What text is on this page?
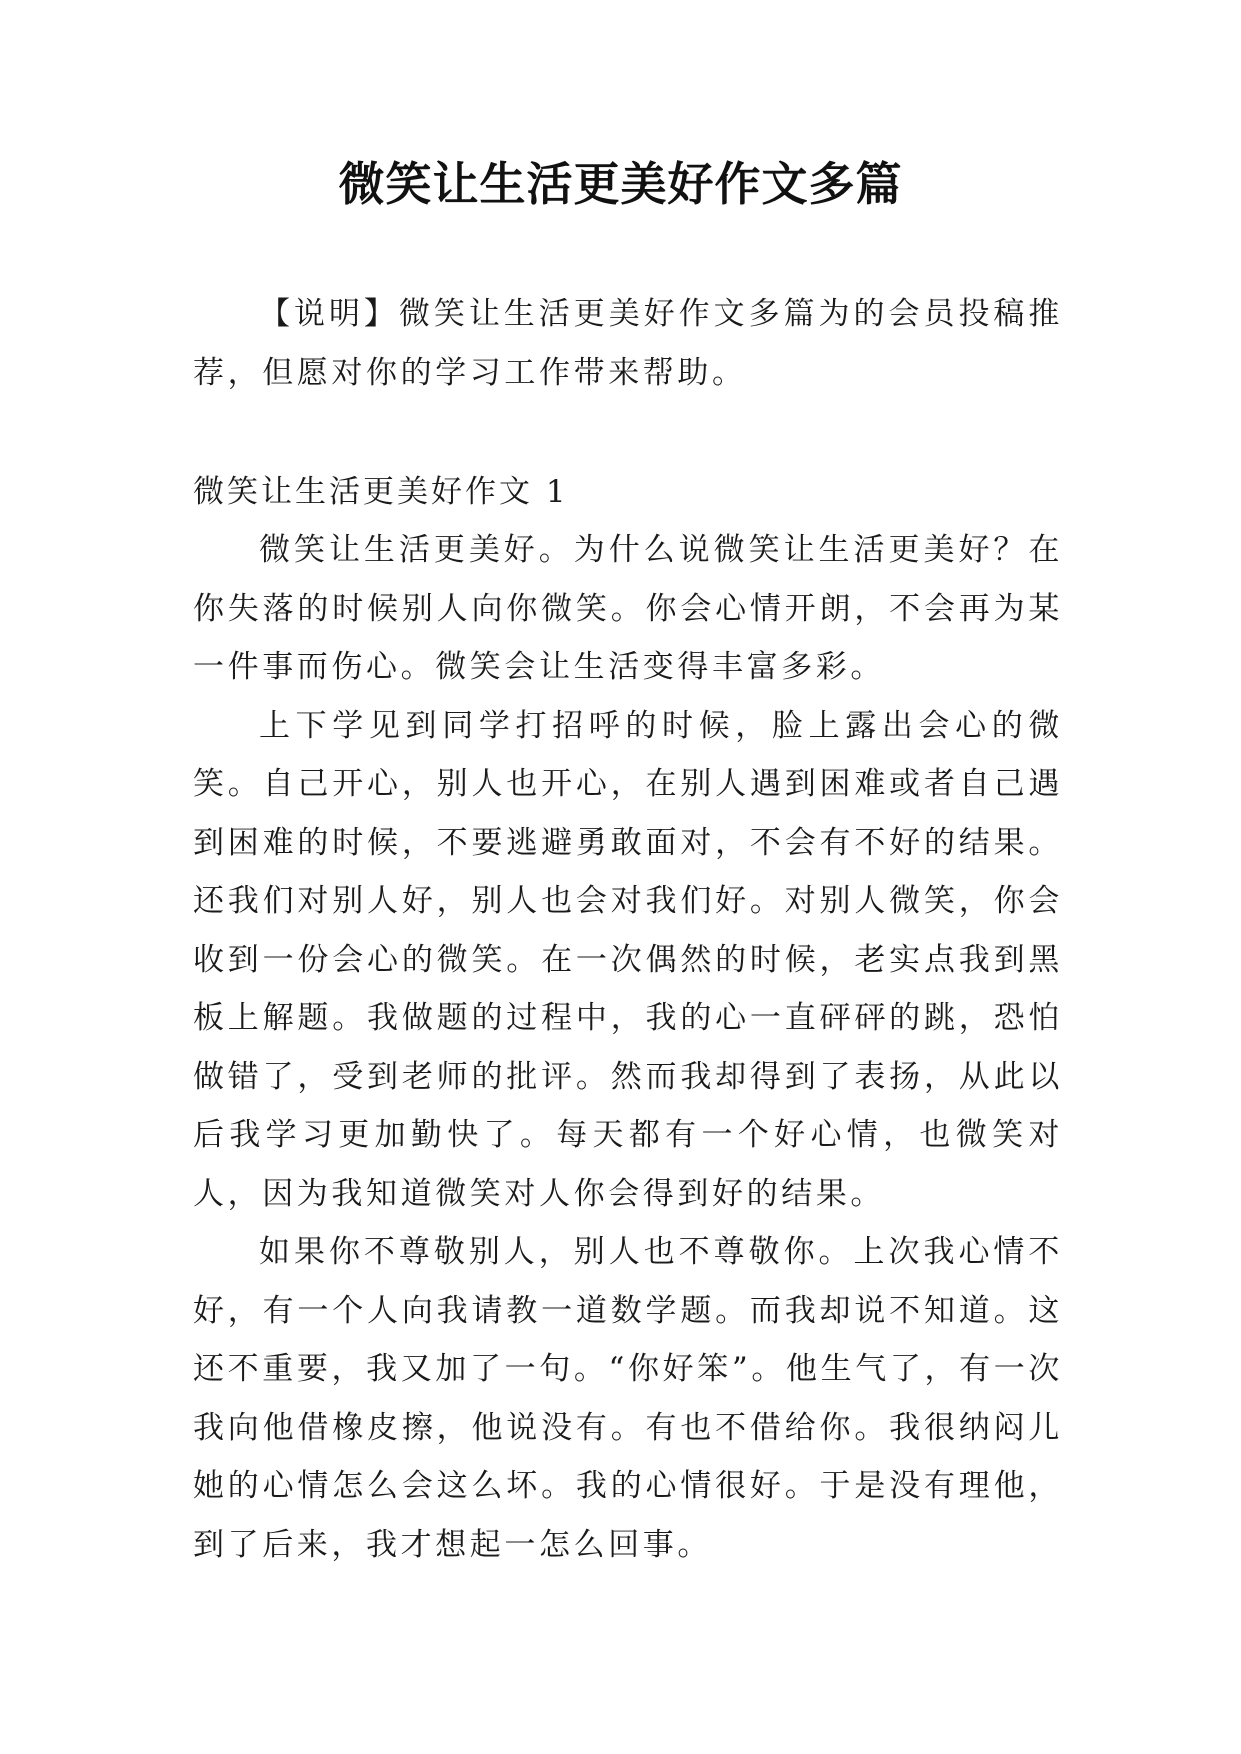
微笑让生活更美好作文多篇

【说明】微笑让生活更美好作文多篇为的会员投稿推荐，但愿对你的学习工作带来帮助。

微笑让生活更美好作文 1

微笑让生活更美好。为什么说微笑让生活更美好？在你失落的时候别人向你微笑。你会心情开朗，不会再为某一件事而伤心。微笑会让生活变得丰富多彩。

上下学见到同学打招呼的时候，脸上露出会心的微笑。自己开心，别人也开心，在别人遇到困难或者自己遇到困难的时候，不要逃避勇敢面对，不会有不好的结果。还我们对别人好，别人也会对我们好。对别人微笑，你会收到一份会心的微笑。在一次偶然的时候，老实点我到黑板上解题。我做题的过程中，我的心一直砰砰的跳，恐怕做错了，受到老师的批评。然而我却得到了表扬，从此以后我学习更加勤快了。每天都有一个好心情，也微笑对人，因为我知道微笑对人你会得到好的结果。

如果你不尊敬别人，别人也不尊敬你。上次我心情不好，有一个人向我请教一道数学题。而我却说不知道。这还不重要，我又加了一句。“你好笨”。他生气了，有一次我向他借橡皮擦，他说没有。有也不借给你。我很纳闷儿她的心情怎么会这么坏。我的心情很好。于是没有理他，到了后来，我才想起一怎么回事。
